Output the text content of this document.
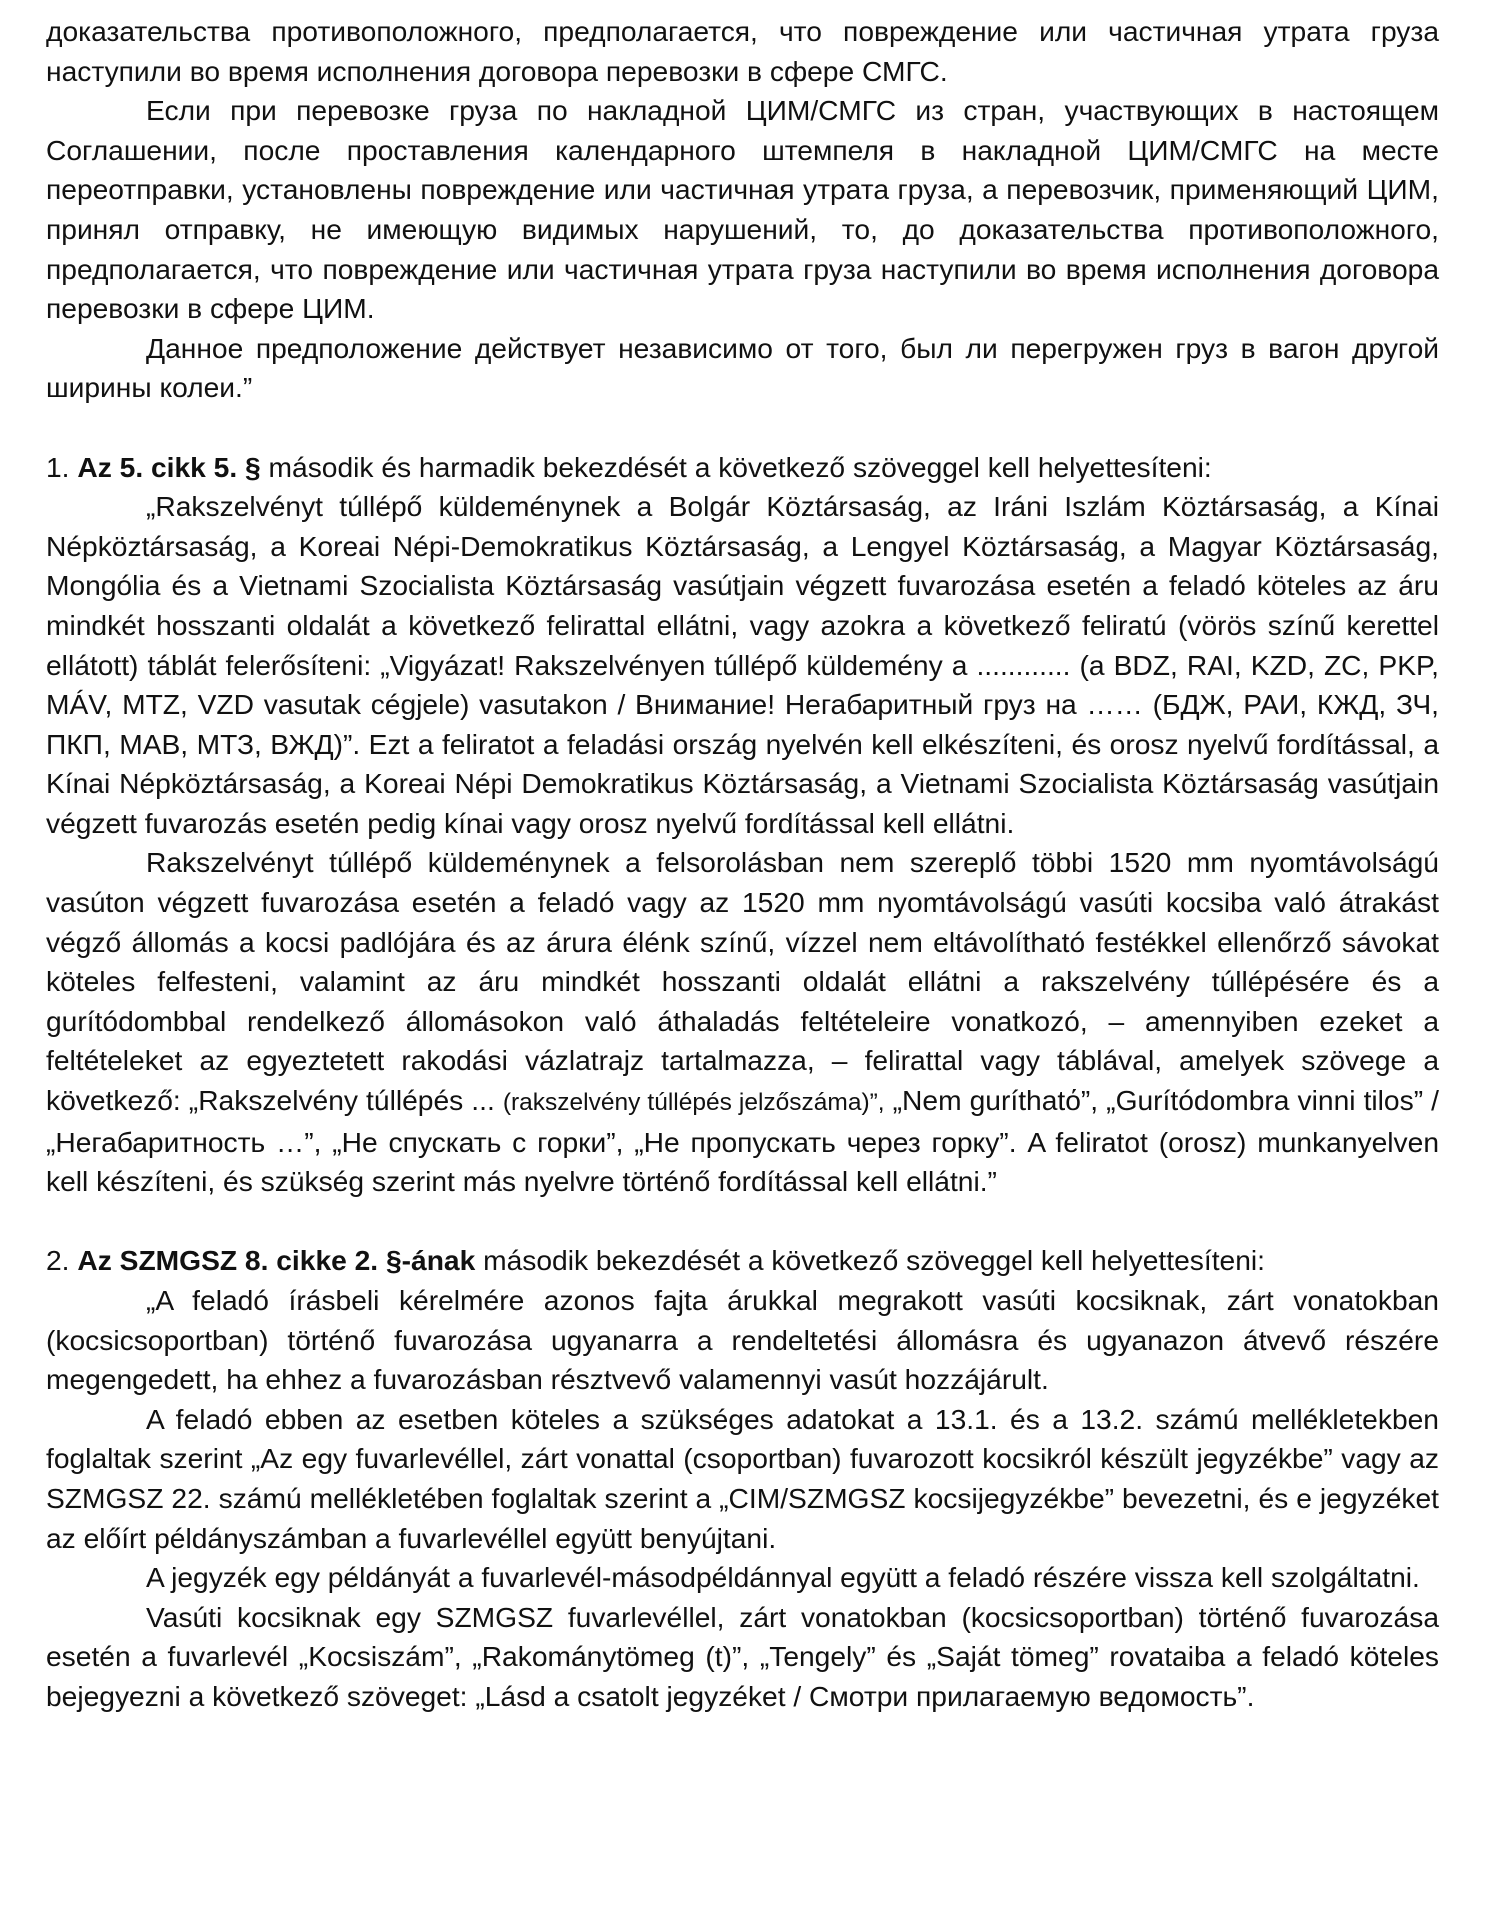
доказательства противоположного, предполагается, что повреждение или частичная утрата груза наступили во время исполнения договора перевозки в сфере СМГС.

Если при перевозке груза по накладной ЦИМ/СМГС из стран, участвующих в настоящем Соглашении, после проставления календарного штемпеля в накладной ЦИМ/СМГС на месте переотправки, установлены повреждение или частичная утрата груза, а перевозчик, применяющий ЦИМ, принял отправку, не имеющую видимых нарушений, то, до доказательства противоположного, предполагается, что повреждение или частичная утрата груза наступили во время исполнения договора перевозки в сфере ЦИМ.

Данное предположение действует независимо от того, был ли перегружен груз в вагон другой ширины колеи.”

1. Az 5. cikk 5. § második és harmadik bekezdését a következő szöveggel kell helyettesíteni:

„Rakszelvényt túllépő küldeménynek a Bolgár Köztársaság, az Iráni Iszlám Köztársaság, a Kínai Népköztársaság, a Koreai Népi-Demokratikus Köztársaság, a Lengyel Köztársaság, a Magyar Köztársaság, Mongólia és a Vietnami Szocialista Köztársaság vasútjain végzett fuvarozása esetén a feladó köteles az áru mindkét hosszanti oldalát a következő felirattal ellátni, vagy azokra a következő feliratú (vörös színű kerettel ellátott) táblát felerősíteni: „Vigyázat! Rakszelvényen túllépő küldemény a ............ (a BDZ, RAI, KZD, ZC, PKP, MÁV, MTZ, VZD vasutak cégjele) vasutakon / Внимание! Негабаритный груз на …… (БДЖ, РАИ, КЖД, ЗЧ, ПКП, МАВ, МТЗ, ВЖД)”. Ezt a feliratot a feladási ország nyelvén kell elkészíteni, és orosz nyelvű fordítással, a Kínai Népköztársaság, a Koreai Népi Demokratikus Köztársaság, a Vietnami Szocialista Köztársaság vasútjain végzett fuvarozás esetén pedig kínai vagy orosz nyelvű fordítással kell ellátni.

Rakszelvényt túllépő küldeménynek a felsorolásban nem szereplő többi 1520 mm nyomtávolságú vasúton végzett fuvarozása esetén a feladó vagy az 1520 mm nyomtávolságú vasúti kocsiba való átrakást végző állomás a kocsi padlójára és az árura élénk színű, vízzel nem eltávolítható festékkel ellenőrző sávokat köteles felfesteni, valamint az áru mindkét hosszanti oldalát ellátni a rakszelvény túllépésére és a gurítódombbal rendelkező állomásokon való áthaladás feltételeire vonatkozó, – amennyiben ezeket a feltételeket az egyeztetett rakodási vázlatrajz tartalmazza, – felirattal vagy táblával, amelyek szövege a következő: „Rakszelvény túllépés ... (rakszelvény túllépés jelzőszáma)”, „Nem guríthatό”, „Gurítódombra vinni tilos” / „Негабаритность …”, „Не спускать с горки”, „Не пропускать через горку”. A feliratot (orosz) munkanyelven kell készíteni, és szükség szerint más nyelvre történő fordítással kell ellátni.”

2. Az SZMGSZ 8. cikke 2. §-ának második bekezdését a következő szöveggel kell helyettesíteni:

„A feladó írásbeli kérelmére azonos fajta árukkal megrakott vasúti kocsiknak, zárt vonatokban (kocsicsoportban) történő fuvarozása ugyanarra a rendeltetési állomásra és ugyanazon átvevő részére megengedett, ha ehhez a fuvarozásban résztvevő valamennyi vasút hozzájárult.

A feladó ebben az esetben köteles a szükséges adatokat a 13.1. és a 13.2. számú mellékletekben foglaltak szerint „Az egy fuvarlevéllel, zárt vonattal (csoportban) fuvarozott kocsikról készült jegyzékbe” vagy az SZMGSZ 22. számú mellékletében foglaltak szerint a „CIM/SZMGSZ kocsijegyzékbe” bevezetni, és e jegyzéket az előírt példányszámban a fuvarlevéllel együtt benyújtani.

A jegyzék egy példányát a fuvarlevél-másodpéldánnyal együtt a feladó részére vissza kell szolgáltatni.

Vasúti kocsiknak egy SZMGSZ fuvarlevéllel, zárt vonatokban (kocsicsoportban) történő fuvarozása esetén a fuvarlevél „Kocsiszám”, „Rakománytömeg (t)”, „Tengely” és „Saját tömeg” rovataiba a feladó köteles bejegyezni a következő szöveget: „Lásd a csatolt jegyzéket / Смотри прилагаемую ведомость”.
